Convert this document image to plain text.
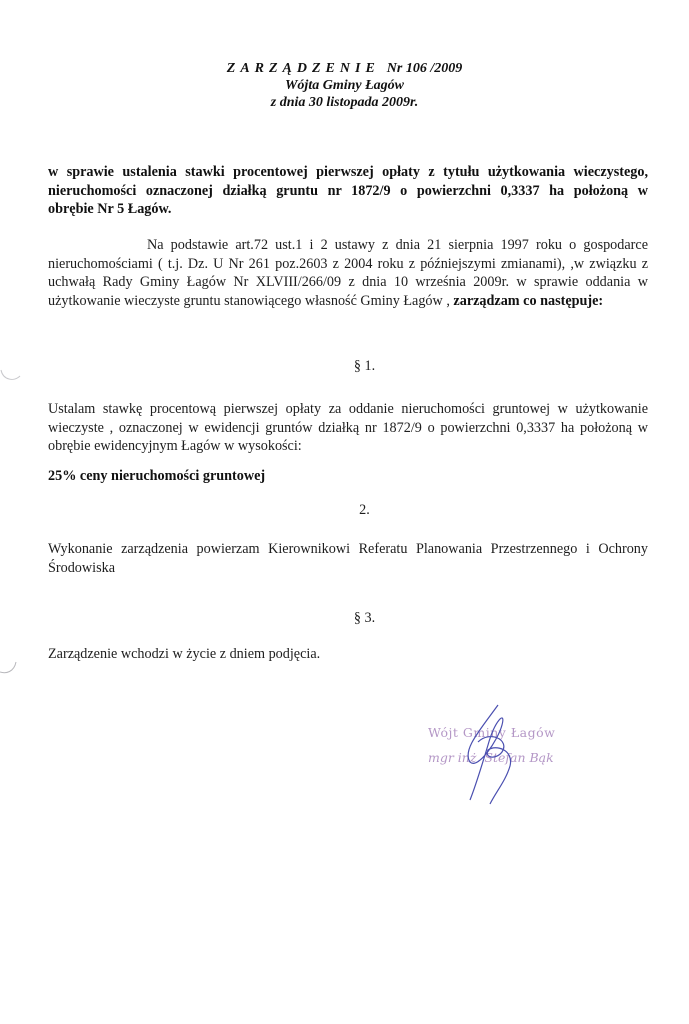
ZARZĄDZENIE Nr 106 /2009
Wójta Gminy Łagów
z dnia 30 listopada 2009r.
w sprawie ustalenia stawki procentowej pierwszej opłaty z tytułu użytkowania wieczystego,
nieruchomości oznaczonej działką gruntu nr 1872/9 o powierzchni 0,3337 ha położoną w
obrębie Nr 5 Łagów.
Na podstawie art.72 ust.1 i 2 ustawy z dnia 21 sierpnia 1997 roku o gospodarce nieruchomościami ( t.j. Dz. U Nr 261 poz.2603 z 2004 roku z późniejszymi zmianami), ,w związku z uchwałą Rady Gminy Łagów Nr XLVIII/266/09 z dnia 10 września 2009r. w sprawie oddania w użytkowanie wieczyste gruntu stanowiącego własność Gminy Łagów , zarządzam co następuje:
§ 1.
Ustalam stawkę procentową pierwszej opłaty za oddanie nieruchomości gruntowej w użytkowanie wieczyste , oznaczonej w ewidencji gruntów działką nr 1872/9 o powierzchni 0,3337 ha położoną w obrębie ewidencyjnym Łagów w wysokości:
25% ceny nieruchomości gruntowej
2.
Wykonanie zarządzenia powierzam Kierownikowi Referatu Planowania Przestrzennego i Ochrony Środowiska
§ 3.
Zarządzenie wchodzi w życie z dniem podjęcia.
Wójt Gminy Łagów
mgr inż. Stefan Bąk
